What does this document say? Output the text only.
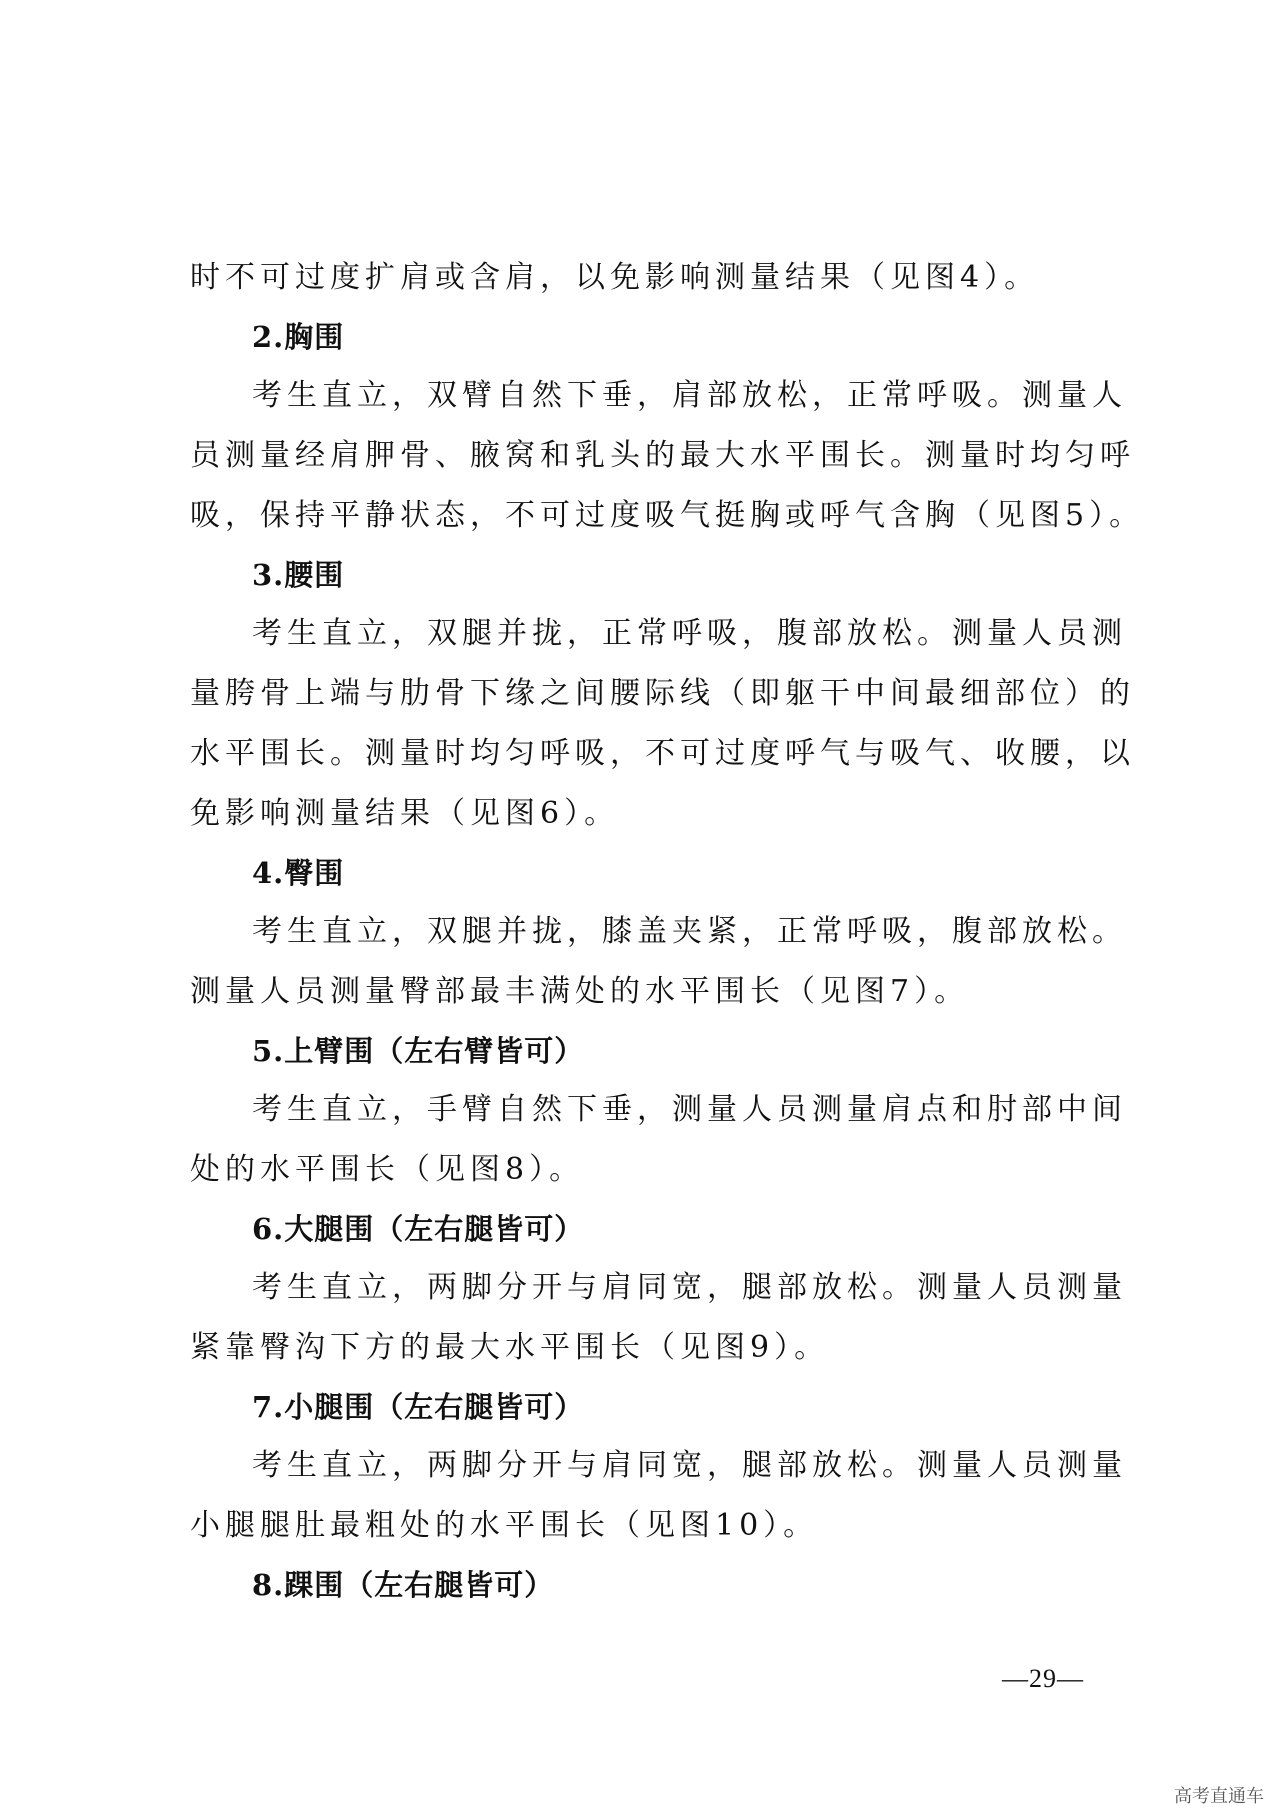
时不可过度扩肩或含肩，以免影响测量结果（见图4）。
2.胸围
考生直立，双臂自然下垂，肩部放松，正常呼吸。测量人
员测量经肩胛骨、腋窝和乳头的最大水平围长。测量时均匀呼
吸，保持平静状态，不可过度吸气挺胸或呼气含胸（见图5）。
3.腰围
考生直立，双腿并拢，正常呼吸，腹部放松。测量人员测
量胯骨上端与肋骨下缘之间腰际线（即躯干中间最细部位）的
水平围长。测量时均匀呼吸，不可过度呼气与吸气、收腰，以
免影响测量结果（见图6）。
4.臀围
考生直立，双腿并拢，膝盖夹紧，正常呼吸，腹部放松。
测量人员测量臀部最丰满处的水平围长（见图7）。
5.上臂围（左右臂皆可）
考生直立，手臂自然下垂，测量人员测量肩点和肘部中间
处的水平围长（见图8）。
6.大腿围（左右腿皆可）
考生直立，两脚分开与肩同宽，腿部放松。测量人员测量
紧靠臀沟下方的最大水平围长（见图9）。
7.小腿围（左右腿皆可）
考生直立，两脚分开与肩同宽，腿部放松。测量人员测量
小腿腿肚最粗处的水平围长（见图10）。
8.踝围（左右腿皆可）
—29—
高考直通车
